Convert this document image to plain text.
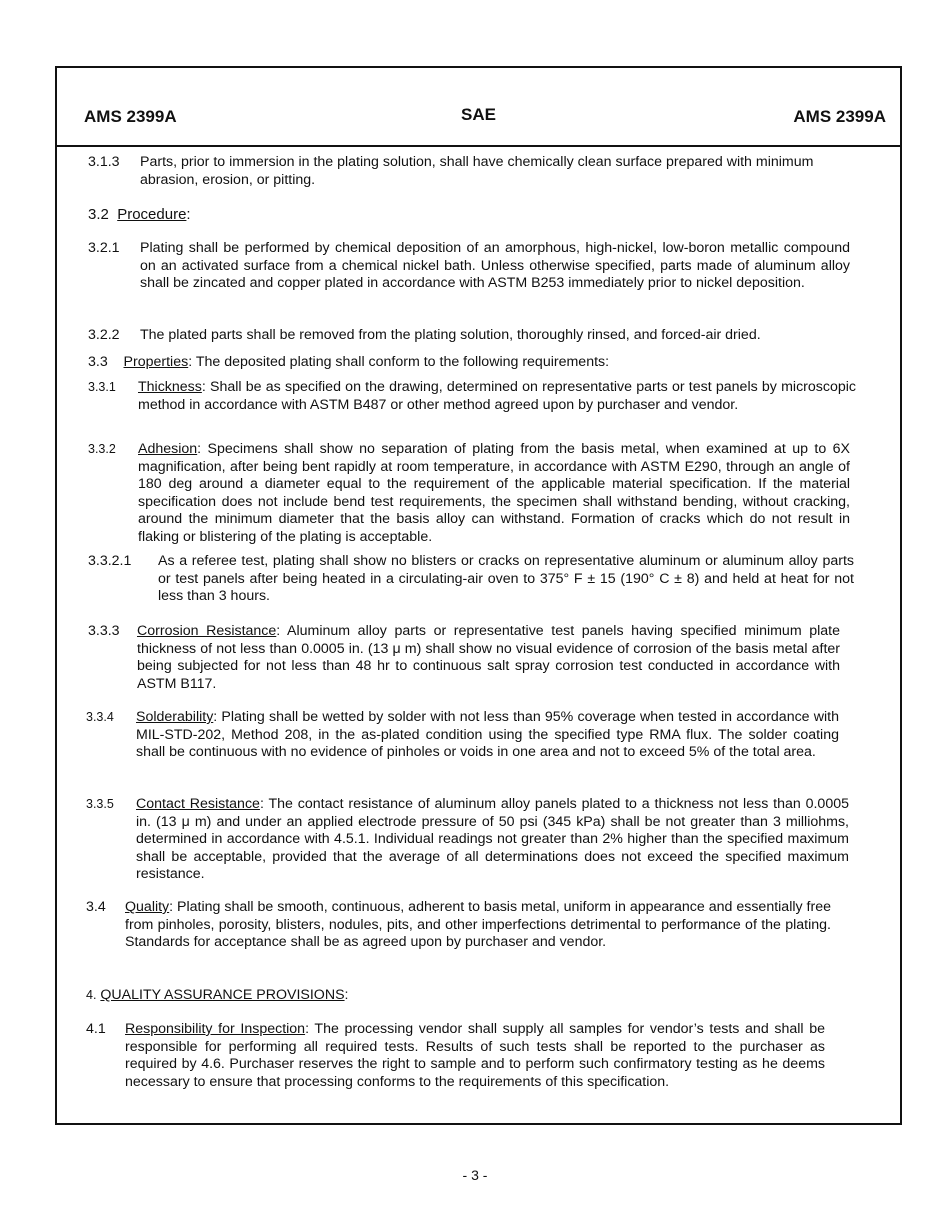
AMS 2399A	SAE	AMS 2399A
3.1.3 Parts, prior to immersion in the plating solution, shall have chemically clean surface prepared with minimum abrasion, erosion, or pitting.
3.2 Procedure:
3.2.1 Plating shall be performed by chemical deposition of an amorphous, high-nickel, low-boron metallic compound on an activated surface from a chemical nickel bath. Unless otherwise specified, parts made of aluminum alloy shall be zincated and copper plated in accordance with ASTM B253 immediately prior to nickel deposition.
3.2.2 The plated parts shall be removed from the plating solution, thoroughly rinsed, and forced-air dried.
3.3 Properties: The deposited plating shall conform to the following requirements:
3.3.1 Thickness: Shall be as specified on the drawing, determined on representative parts or test panels by microscopic method in accordance with ASTM B487 or other method agreed upon by purchaser and vendor.
3.3.2 Adhesion: Specimens shall show no separation of plating from the basis metal, when examined at up to 6X magnification, after being bent rapidly at room temperature, in accordance with ASTM E290, through an angle of 180 deg around a diameter equal to the requirement of the applicable material specification. If the material specification does not include bend test requirements, the specimen shall withstand bending, without cracking, around the minimum diameter that the basis alloy can withstand. Formation of cracks which do not result in flaking or blistering of the plating is acceptable.
3.3.2.1 As a referee test, plating shall show no blisters or cracks on representative aluminum or aluminum alloy parts or test panels after being heated in a circulating-air oven to 375° F ± 15 (190° C ± 8) and held at heat for not less than 3 hours.
3.3.3 Corrosion Resistance: Aluminum alloy parts or representative test panels having specified minimum plate thickness of not less than 0.0005 in. (13 μ m) shall show no visual evidence of corrosion of the basis metal after being subjected for not less than 48 hr to continuous salt spray corrosion test conducted in accordance with ASTM B117.
3.3.4 Solderability: Plating shall be wetted by solder with not less than 95% coverage when tested in accordance with MIL-STD-202, Method 208, in the as-plated condition using the specified type RMA flux. The solder coating shall be continuous with no evidence of pinholes or voids in one area and not to exceed 5% of the total area.
3.3.5 Contact Resistance: The contact resistance of aluminum alloy panels plated to a thickness not less than 0.0005 in. (13 μ m) and under an applied electrode pressure of 50 psi (345 kPa) shall be not greater than 3 milliohms, determined in accordance with 4.5.1. Individual readings not greater than 2% higher than the specified maximum shall be acceptable, provided that the average of all determinations does not exceed the specified maximum resistance.
3.4 Quality: Plating shall be smooth, continuous, adherent to basis metal, uniform in appearance and essentially free from pinholes, porosity, blisters, nodules, pits, and other imperfections detrimental to performance of the plating. Standards for acceptance shall be as agreed upon by purchaser and vendor.
4. QUALITY ASSURANCE PROVISIONS:
4.1 Responsibility for Inspection: The processing vendor shall supply all samples for vendor’s tests and shall be responsible for performing all required tests. Results of such tests shall be reported to the purchaser as required by 4.6. Purchaser reserves the right to sample and to perform such confirmatory testing as he deems necessary to ensure that processing conforms to the requirements of this specification.
- 3 -
